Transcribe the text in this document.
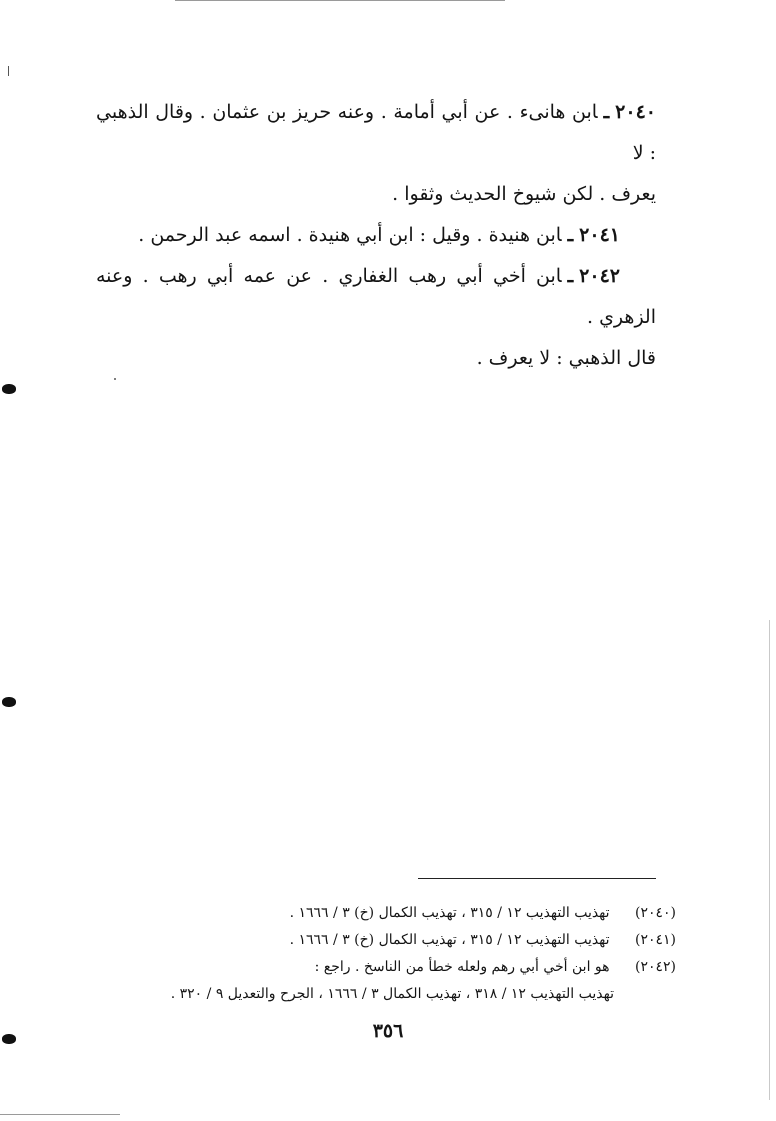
٢٠٤٠ـابن هانىء . عن أبي أمامة . وعنه حريز بن عثمان . وقال الذهبي : لا
يعرف . لكن شيوخ الحديث وثقوا .

٢٠٤١ـابن هنيدة . وقيل : ابن أبي هنيدة . اسمه عبد الرحمن .

٢٠٤٢ـابن أخي أبي رهب الغفاري . عن عمه أبي رهب . وعنه الزهري .
قال الذهبي : لا يعرف .

(٢٠٤٠) تهذيب التهذيب ١٢ / ٣١٥ ، تهذيب الكمال (خ) ٣ / ١٦٦٦ .

(٢٠٤١) تهذيب التهذيب ١٢ / ٣١٥ ، تهذيب الكمال (خ) ٣ / ١٦٦٦ .

(٢٠٤٢) هو ابن أخي أبي رهم ولعله خطأ من الناسخ . راجع :

تهذيب التهذيب ١٢ / ٣١٨ ، تهذيب الكمال ٣ / ١٦٦٦ ، الجرح والتعديل ٩ / ٣٢٠ .

٣٥٦
